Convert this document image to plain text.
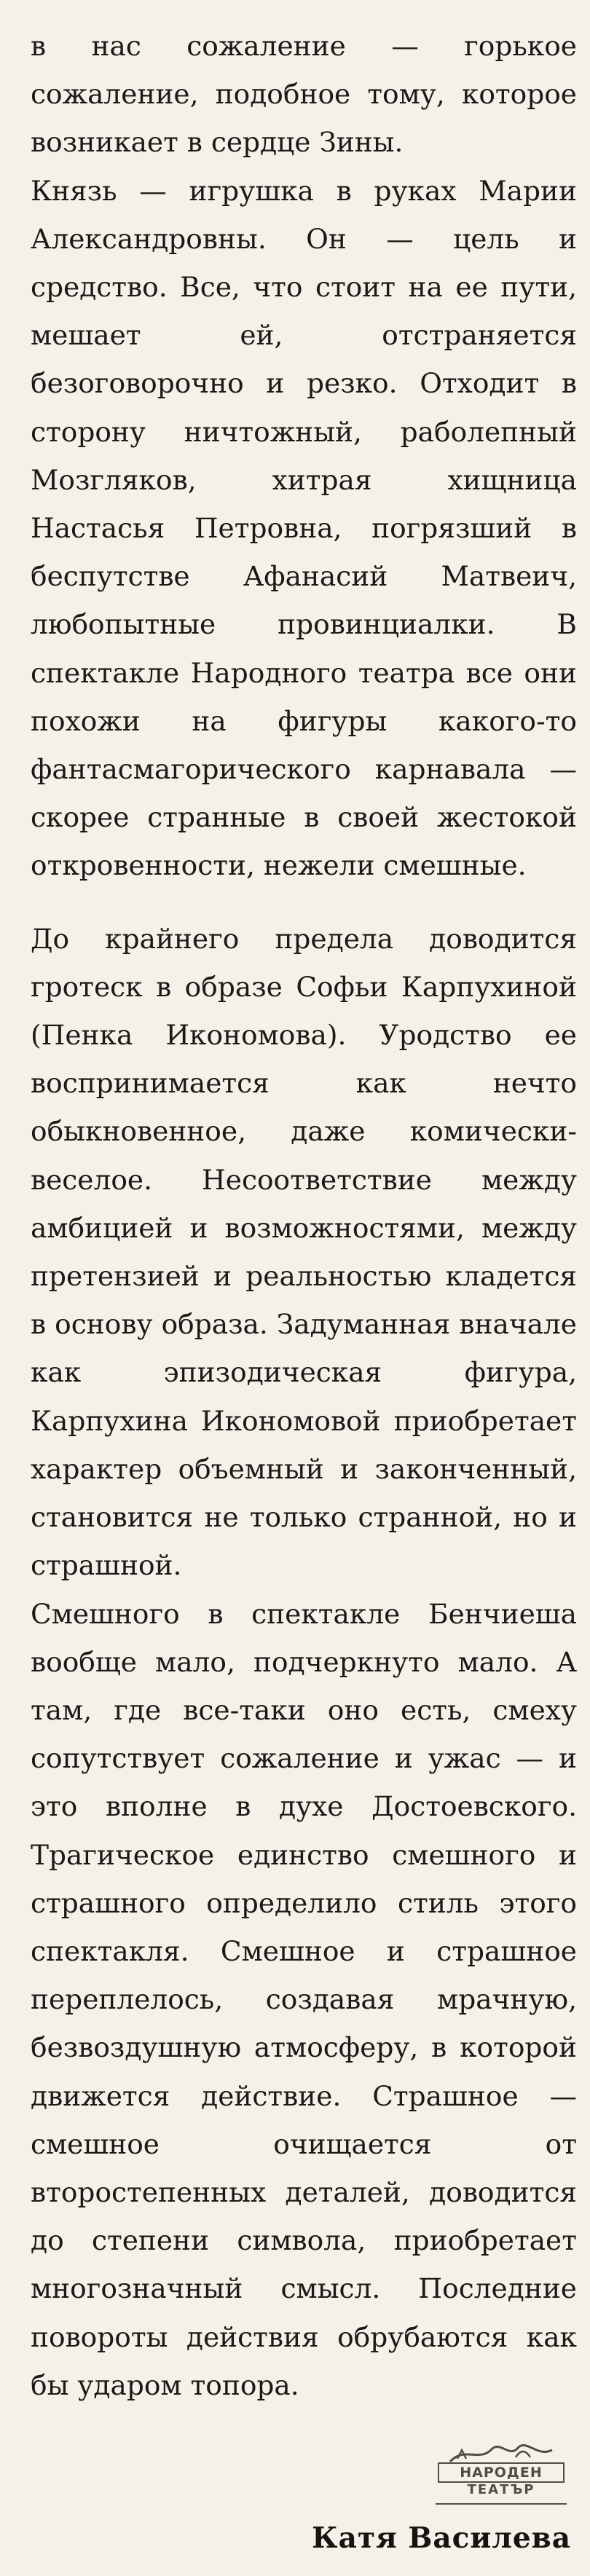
в нас сожаление — горькое сожаление, подобное тому, которое возникает в сердце Зины.

Князь — игрушка в руках Марии Александровны. Он — цель и средство. Все, что стоит на ее пути, мешает ей, отстраняется безоговорочно и резко. Отходит в сторону ничтожный, раболепный Мозгляков, хитрая хищница Настасья Петровна, погрязший в беспутстве Афанасий Матвеич, любопытные провинциалки. В спектакле Народного театра все они похожи на фигуры какого-то фантасмагорического карнавала — скорее странные в своей жестокой откровенности, нежели смешные.

До крайнего предела доводится гротеск в образе Софьи Карпухиной (Пенка Икономова). Уродство ее воспринимается как нечто обыкновенное, даже комически-веселое. Несоответствие между амбицией и возможностями, между претензией и реальностью кладется в основу образа. Задуманная вначале как эпизодическая фигура, Карпухина Икономовой приобретает характер объемный и законченный, становится не только странной, но и страшной.

Смешного в спектакле Бенчиеша вообще мало, подчеркнуто мало. А там, где все-таки оно есть, смеху сопутствует сожаление и ужас — и это вполне в духе Достоевского. Трагическое единство смешного и страшного определило стиль этого спектакля. Смешное и страшное переплелось, создавая мрачную, безвоздушную атмосферу, в которой движется действие. Страшное — смешное очищается от второстепенных деталей, доводится до степени символа, приобретает многозначный смысл. Последние повороты действия обрубаются как бы ударом топора.

НАРОДЕН
ТЕАТЪР
Катя Василева
